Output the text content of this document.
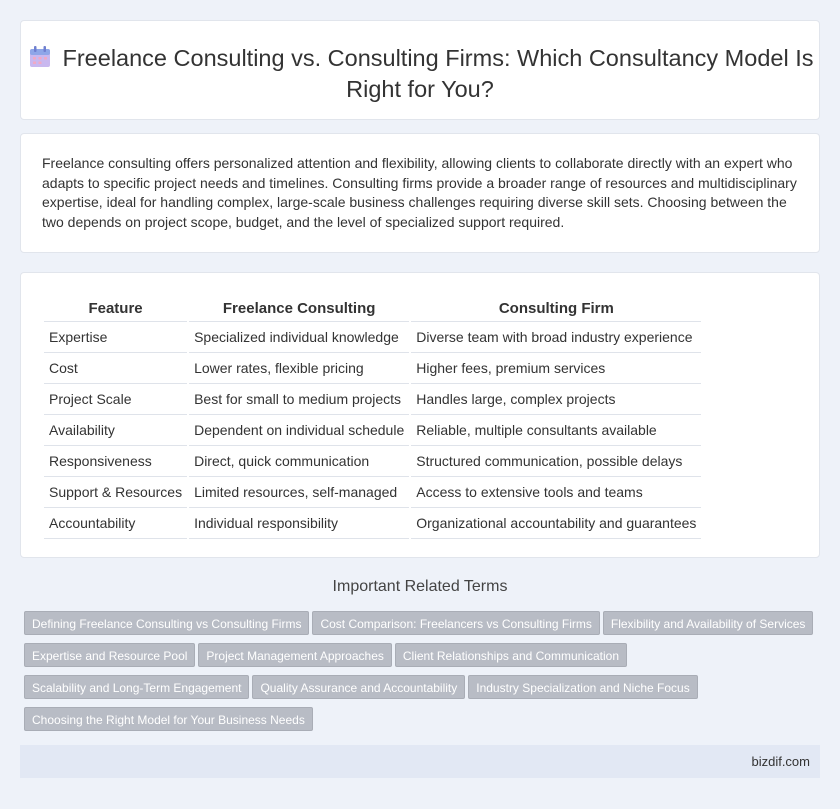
Freelance Consulting vs. Consulting Firms: Which Consultancy Model Is Right for You?

Freelance consulting offers personalized attention and flexibility, allowing clients to collaborate directly with an expert who adapts to specific project needs and timelines. Consulting firms provide a broader range of resources and multidisciplinary expertise, ideal for handling complex, large-scale business challenges requiring diverse skill sets. Choosing between the two depends on project scope, budget, and the level of specialized support required.

Feature	Freelance Consulting	Consulting Firm
Expertise	Specialized individual knowledge	Diverse team with broad industry experience
Cost	Lower rates, flexible pricing	Higher fees, premium services
Project Scale	Best for small to medium projects	Handles large, complex projects
Availability	Dependent on individual schedule	Reliable, multiple consultants available
Responsiveness	Direct, quick communication	Structured communication, possible delays
Support & Resources	Limited resources, self-managed	Access to extensive tools and teams
Accountability	Individual responsibility	Organizational accountability and guarantees
Important Related Terms
Defining Freelance Consulting vs Consulting Firms Cost Comparison: Freelancers vs Consulting Firms Flexibility and Availability of Services
Expertise and Resource Pool Project Management Approaches Client Relationships and Communication
Scalability and Long-Term Engagement Quality Assurance and Accountability Industry Specialization and Niche Focus
Choosing the Right Model for Your Business Needs
bizdif.com
